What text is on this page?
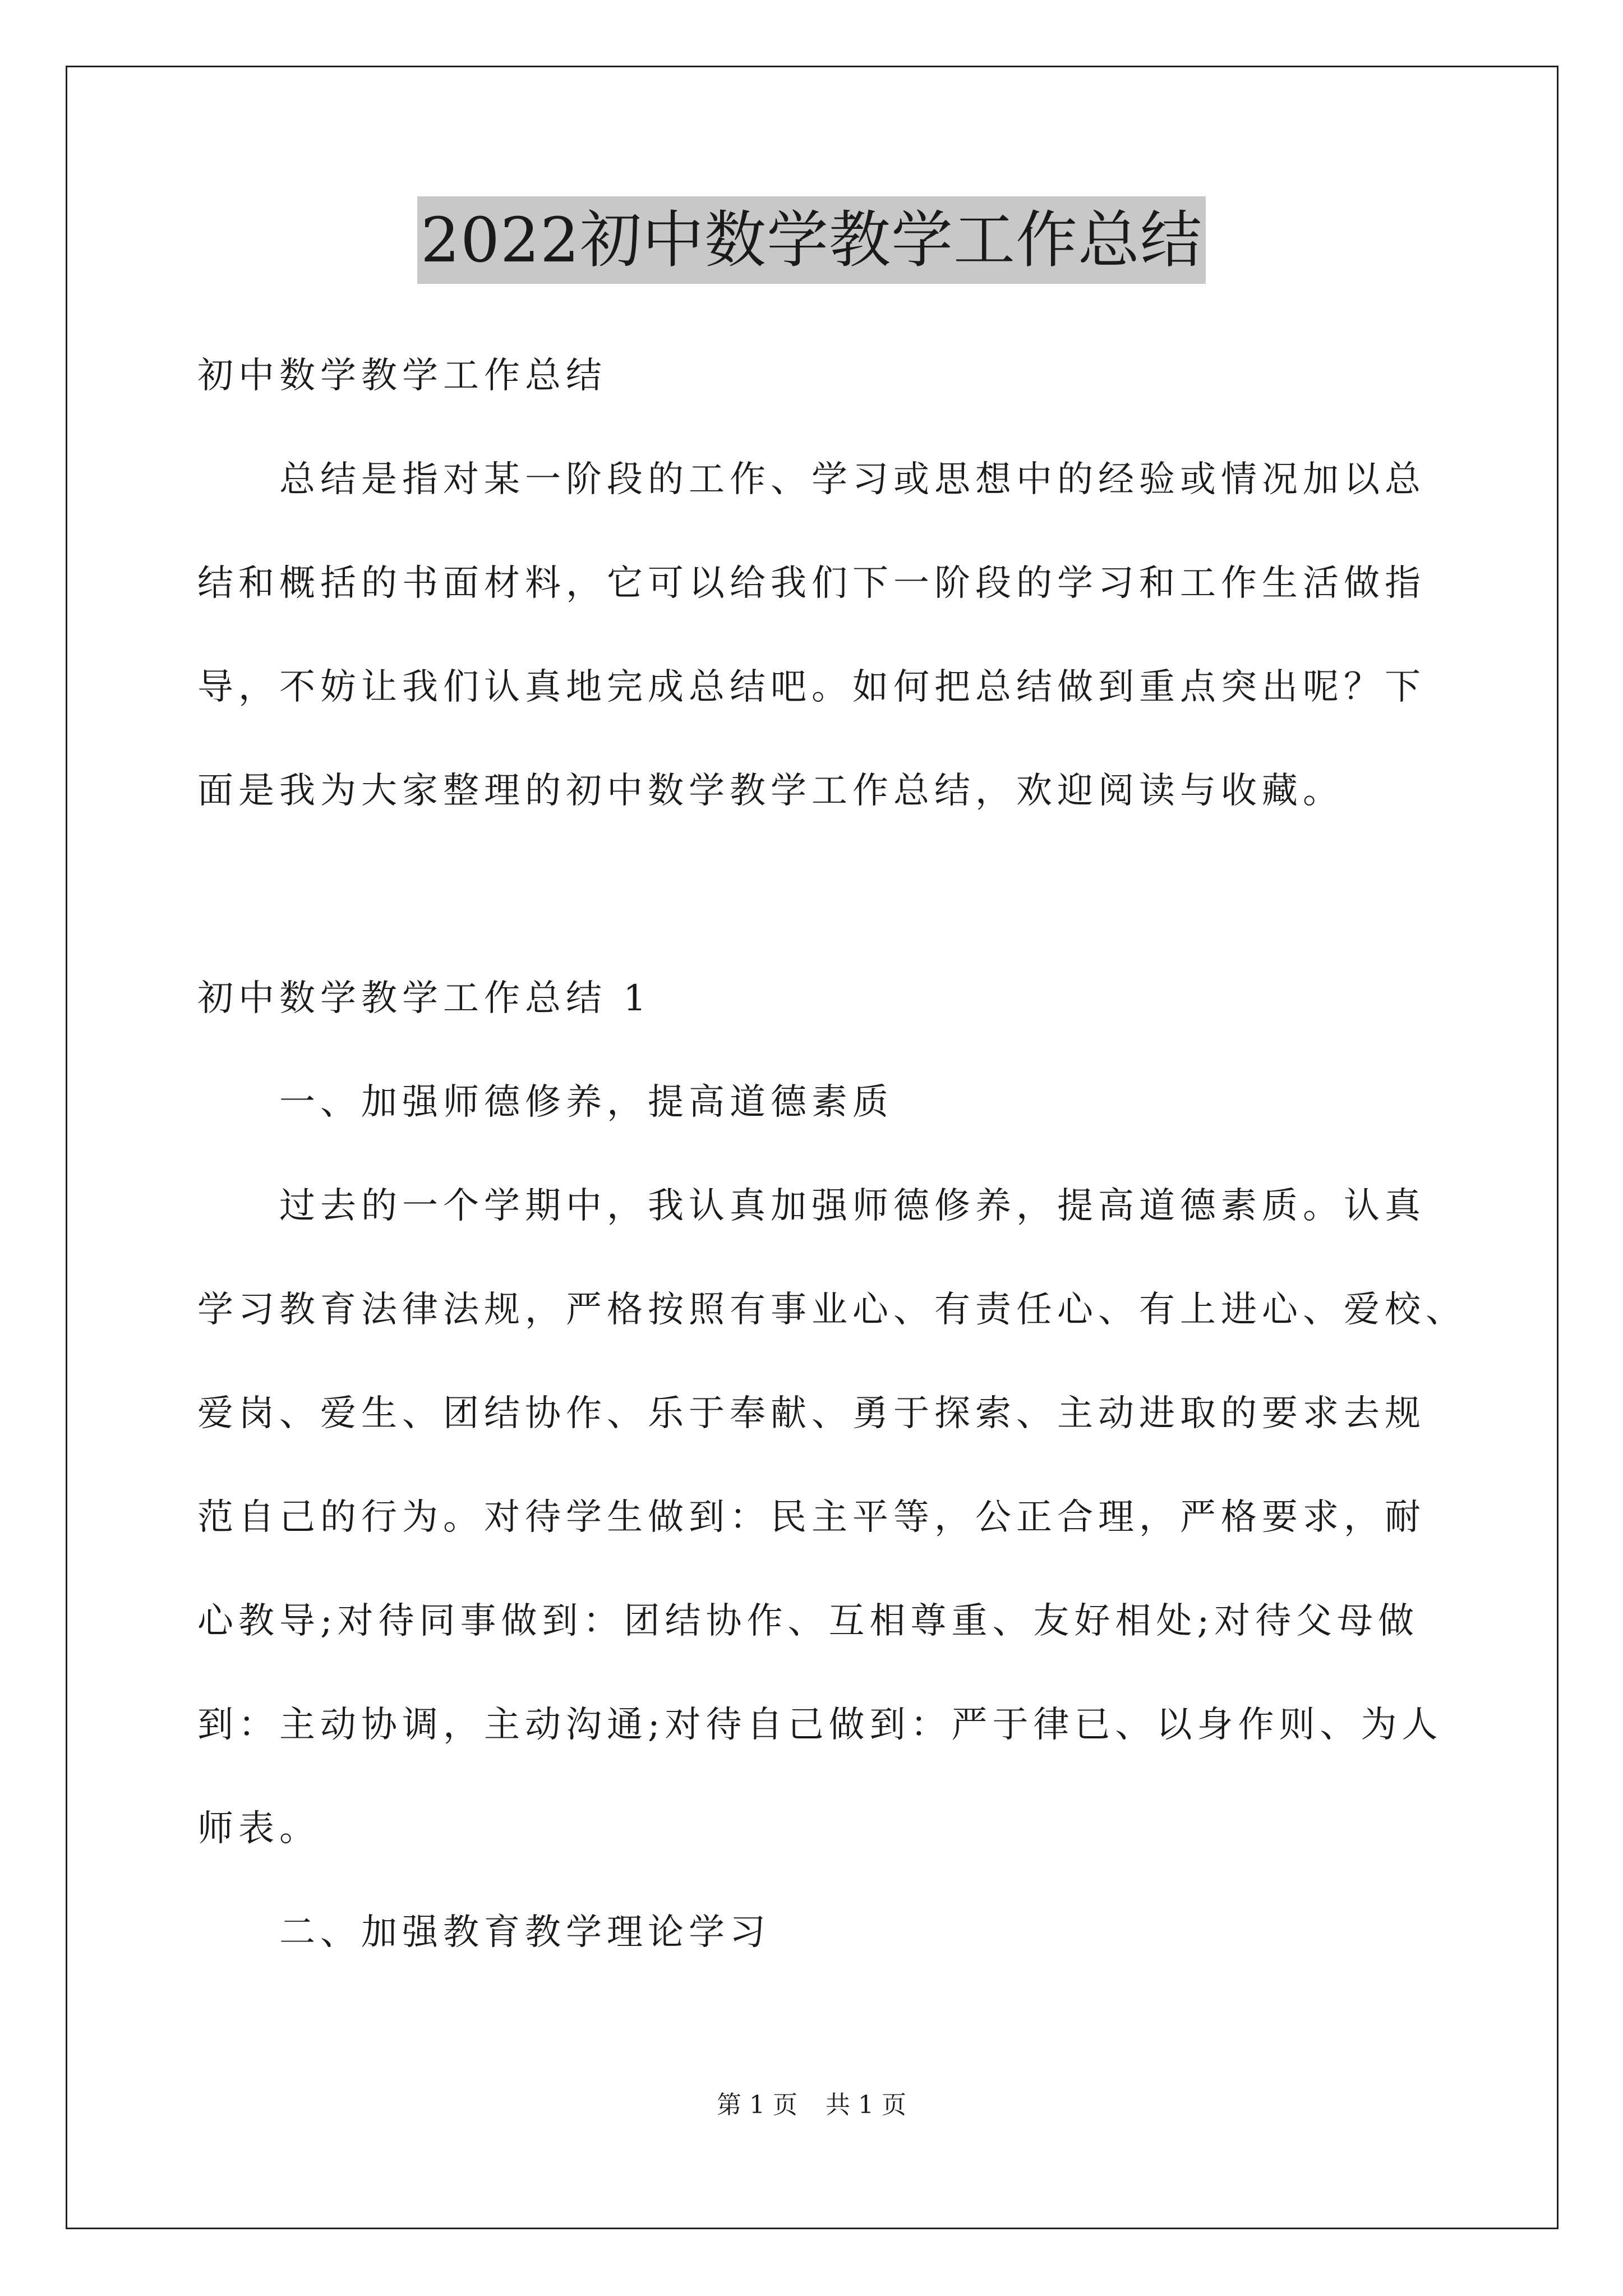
2022初中数学教学工作总结
初中数学教学工作总结
总结是指对某一阶段的工作、学习或思想中的经验或情况加以总
结和概括的书面材料，它可以给我们下一阶段的学习和工作生活做指
导，不妨让我们认真地完成总结吧。如何把总结做到重点突出呢？下
面是我为大家整理的初中数学教学工作总结，欢迎阅读与收藏。
初中数学教学工作总结 1
一、加强师德修养，提高道德素质
过去的一个学期中，我认真加强师德修养，提高道德素质。认真
学习教育法律法规，严格按照有事业心、有责任心、有上进心、爱校、
爱岗、爱生、团结协作、乐于奉献、勇于探索、主动进取的要求去规
范自己的行为。对待学生做到：民主平等，公正合理，严格要求，耐
心教导;对待同事做到：团结协作、互相尊重、友好相处;对待父母做
到：主动协调，主动沟通;对待自己做到：严于律已、以身作则、为人
师表。
二、加强教育教学理论学习
第 1 页 共 1 页
